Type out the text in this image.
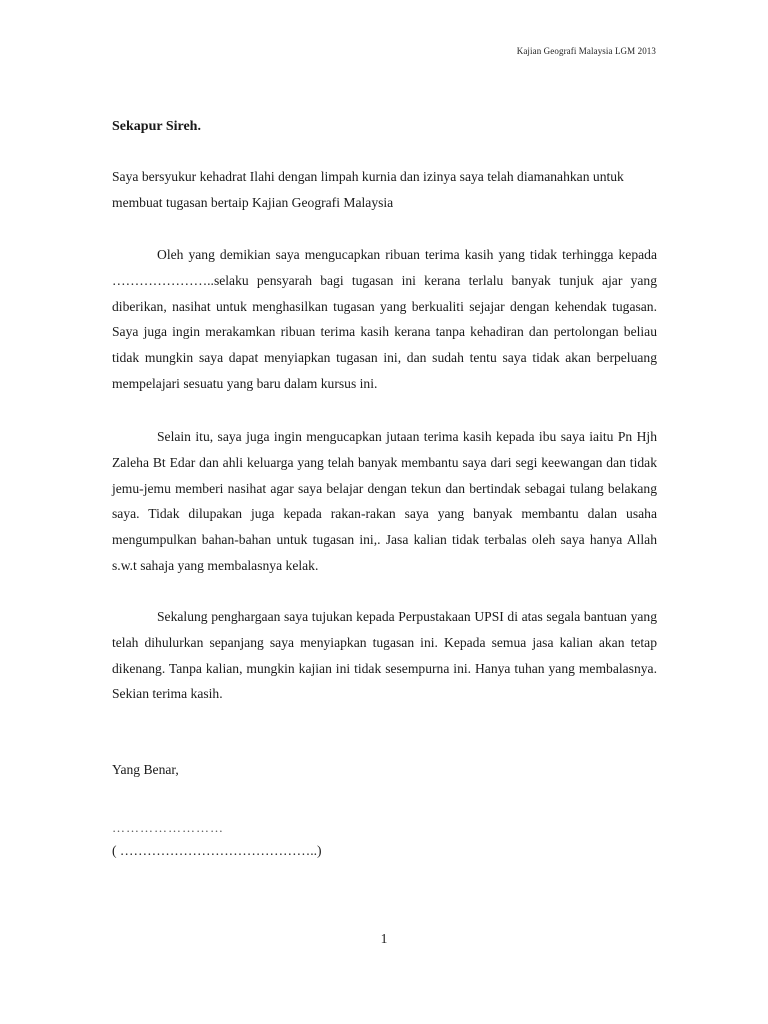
Kajian Geografi Malaysia LGM 2013

Sekapur Sireh.

Saya bersyukur kehadrat Ilahi dengan limpah kurnia dan izinya saya telah diamanahkan untuk membuat tugasan bertaip Kajian Geografi Malaysia

Oleh yang demikian saya mengucapkan ribuan terima kasih yang tidak terhingga kepada …………………..selaku pensyarah bagi tugasan ini kerana terlalu banyak tunjuk ajar yang diberikan, nasihat untuk menghasilkan tugasan yang berkualiti sejajar dengan kehendak tugasan. Saya juga ingin merakamkan ribuan terima kasih kerana tanpa kehadiran dan pertolongan beliau tidak mungkin saya dapat menyiapkan tugasan ini, dan sudah tentu saya tidak akan berpeluang mempelajari sesuatu yang baru dalam kursus ini.

Selain itu, saya juga ingin mengucapkan jutaan terima kasih kepada ibu saya iaitu Pn Hjh Zaleha Bt Edar dan ahli keluarga yang telah banyak membantu saya dari segi keewangan dan tidak jemu-jemu memberi nasihat agar saya belajar dengan tekun dan bertindak sebagai tulang belakang saya. Tidak dilupakan juga kepada rakan-rakan saya yang banyak membantu dalan usaha mengumpulkan bahan-bahan untuk tugasan ini,. Jasa kalian tidak terbalas oleh saya hanya Allah s.w.t sahaja yang membalasnya kelak.

Sekalung penghargaan saya tujukan kepada Perpustakaan UPSI di atas segala bantuan yang telah dihulurkan sepanjang saya menyiapkan tugasan ini. Kepada semua jasa kalian akan tetap dikenang. Tanpa kalian, mungkin kajian ini tidak sesempurna ini. Hanya tuhan yang membalasnya. Sekian terima kasih.

Yang Benar,

……………………
( ……………………………………..)
1
